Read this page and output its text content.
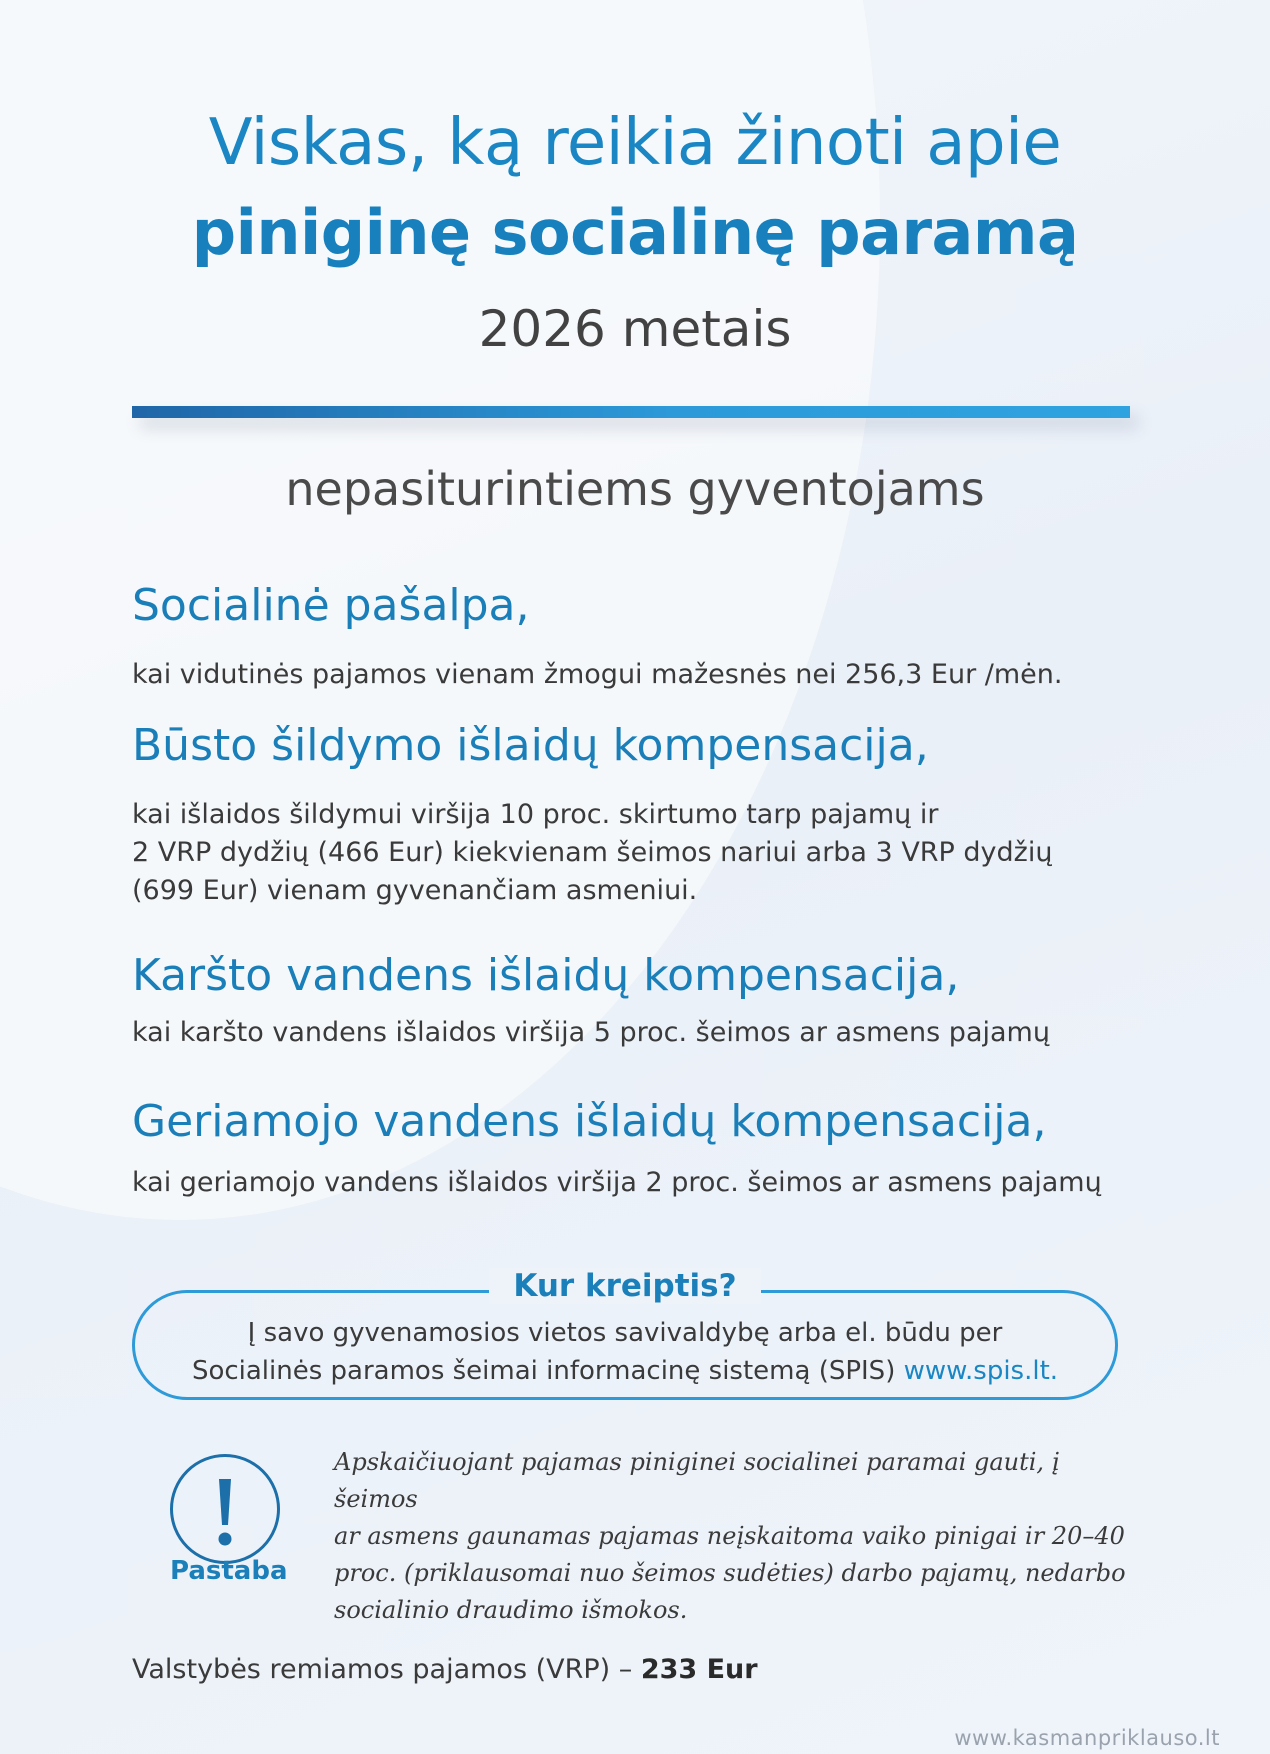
Viskas, ką reikia žinoti apie
piniginę socialinę paramą
2026 metais
nepasiturintiems gyventojams
Socialinė pašalpa,
kai vidutinės pajamos vienam žmogui mažesnės nei 256,3 Eur /mėn.
Būsto šildymo išlaidų kompensacija,
kai išlaidos šildymui viršija 10 proc. skirtumo tarp pajamų ir
2 VRP dydžių (466 Eur) kiekvienam šeimos nariui arba 3 VRP dydžių
(699 Eur) vienam gyvenančiam asmeniui.
Karšto vandens išlaidų kompensacija,
kai karšto vandens išlaidos viršija 5 proc. šeimos ar asmens pajamų
Geriamojo vandens išlaidų kompensacija,
kai geriamojo vandens išlaidos viršija 2 proc. šeimos ar asmens pajamų
Kur kreiptis?
Į savo gyvenamosios vietos savivaldybę arba el. būdu per
Socialinės paramos šeimai informacinę sistemą (SPIS) www.spis.lt.
Pastaba
Apskaičiuojant pajamas piniginei socialinei paramai gauti, į šeimos
ar asmens gaunamas pajamas neįskaitoma vaiko pinigai ir 20–40
proc. (priklausomai nuo šeimos sudėties) darbo pajamų, nedarbo
socialinio draudimo išmokos.
Valstybės remiamos pajamos (VRP) – 233 Eur
www.kasmanpriklauso.lt
